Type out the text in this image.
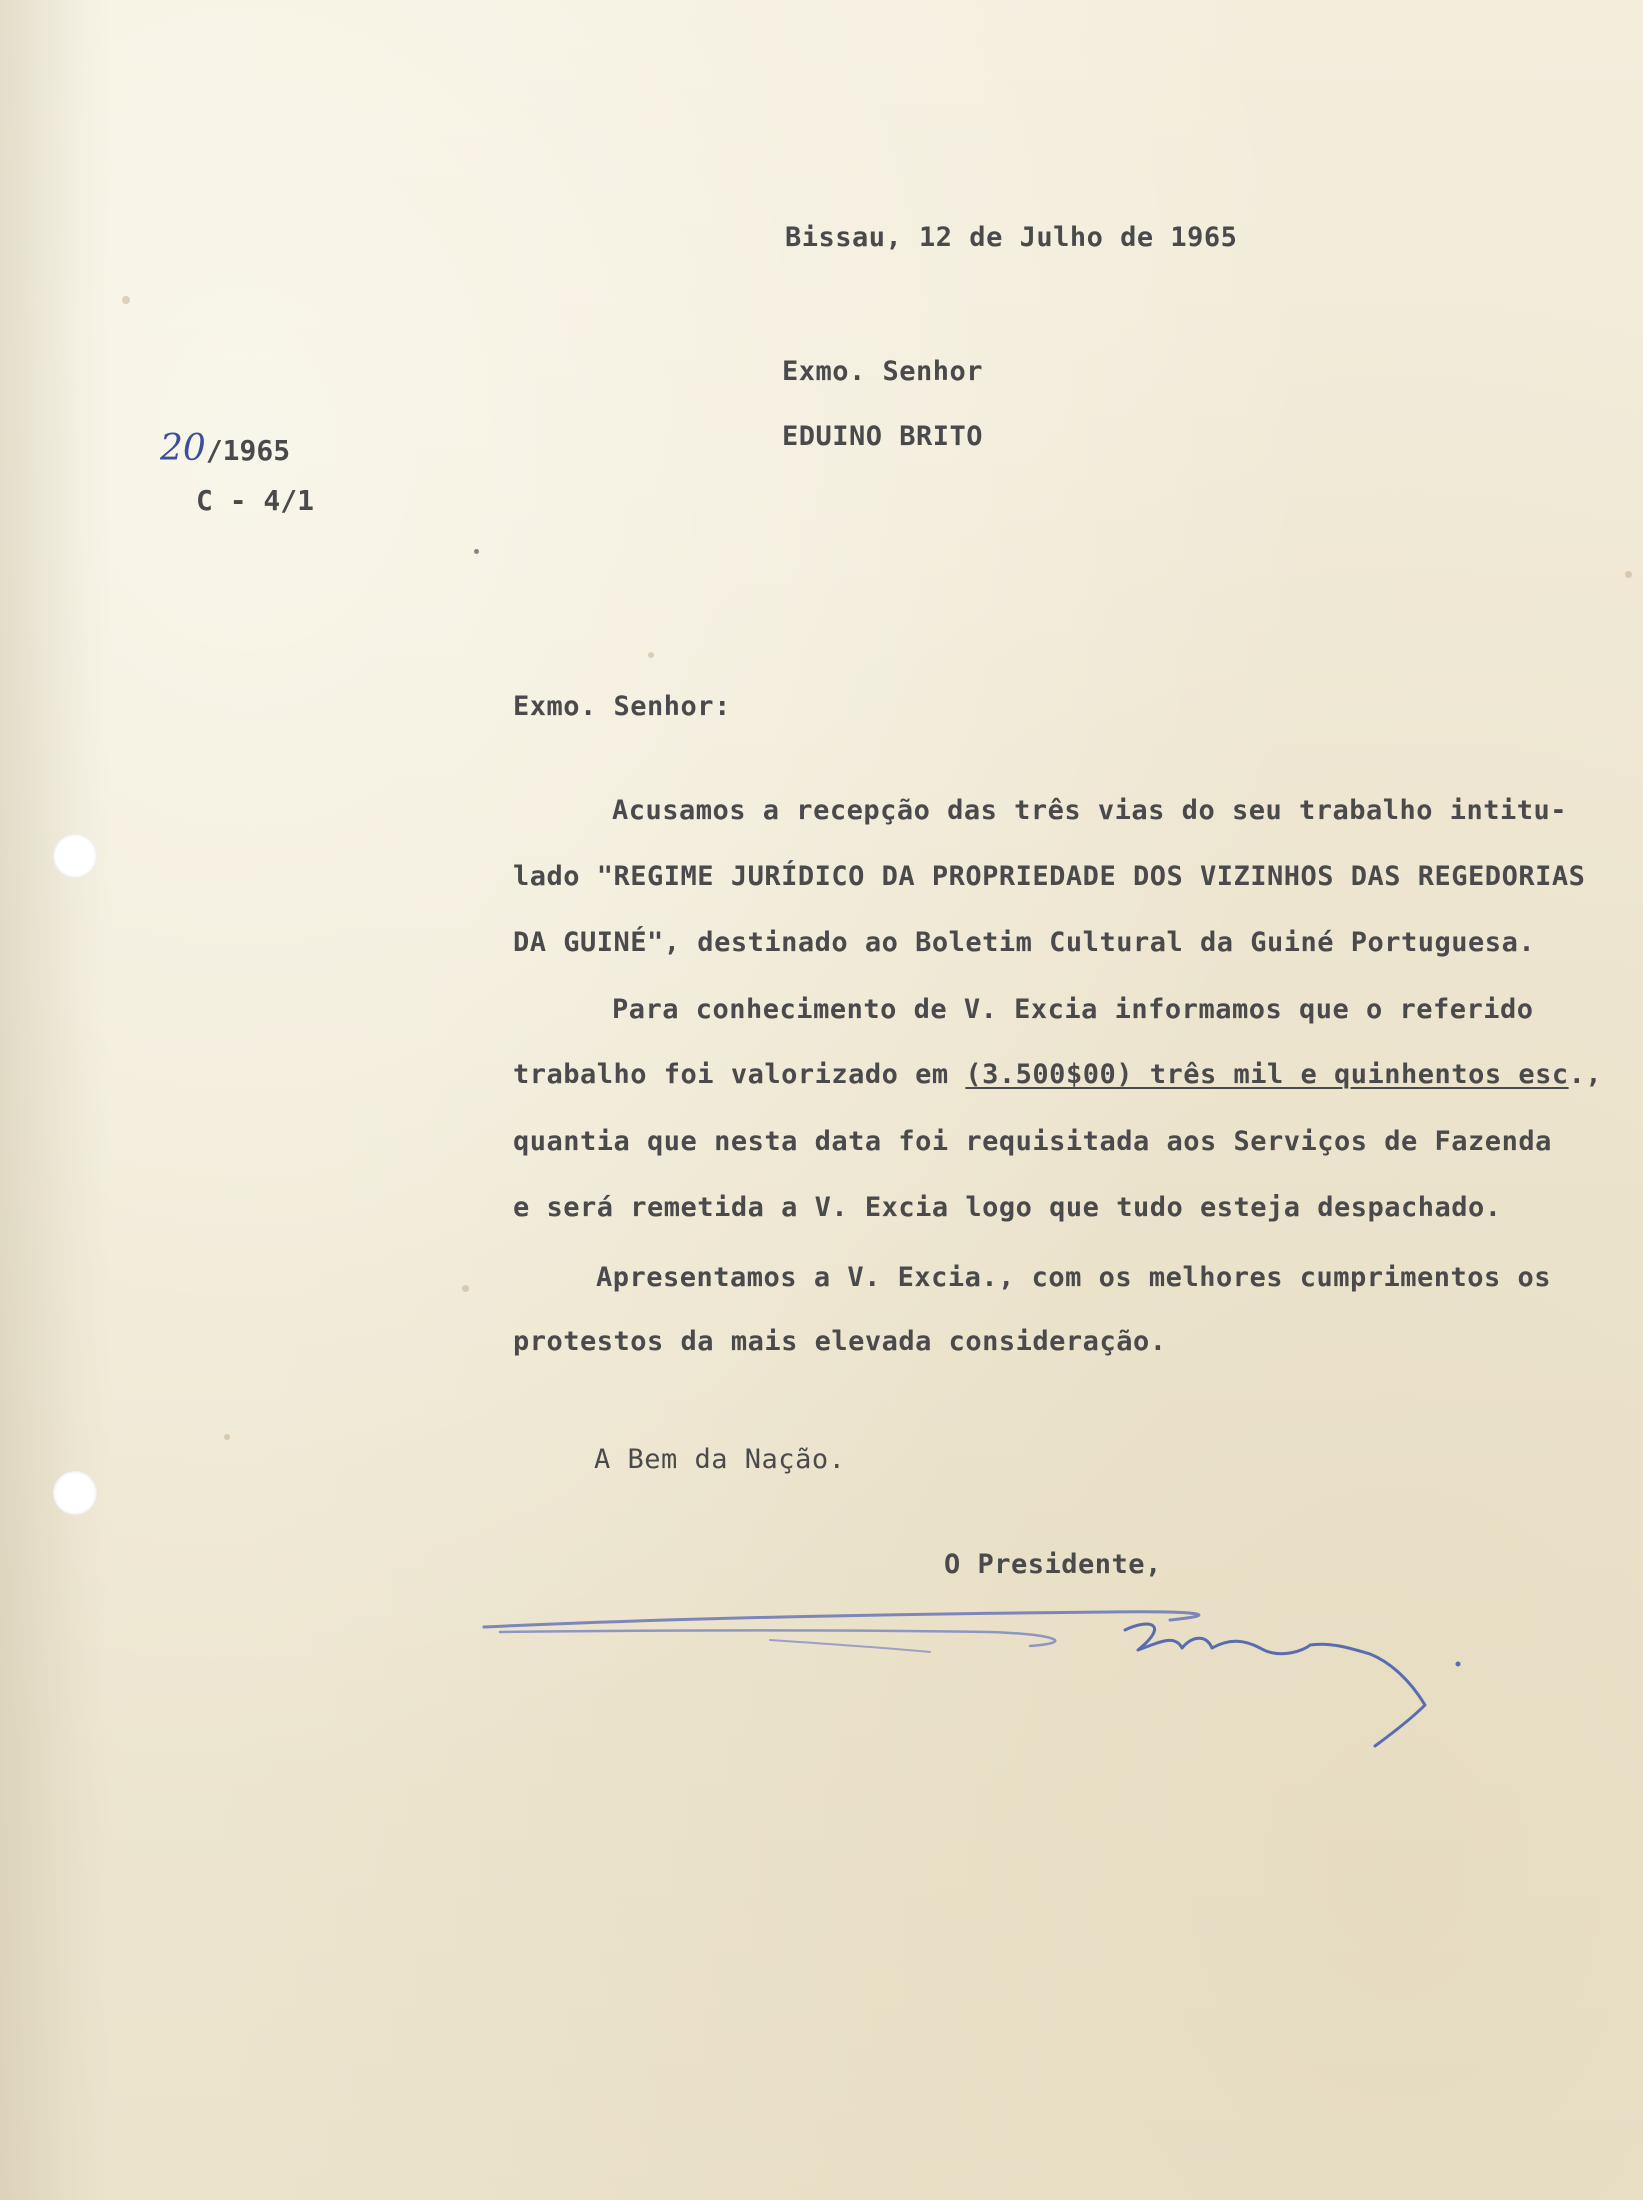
Bissau, 12 de Julho de 1965
Exmo. Senhor
EDUINO BRITO
20/1965
C - 4/1
Exmo. Senhor:
Acusamos a recepção das três vias do seu trabalho intitu-
lado "REGIME JURÍDICO DA PROPRIEDADE DOS VIZINHOS DAS REGEDORIAS
DA GUINÉ", destinado ao Boletim Cultural da Guiné Portuguesa.
Para conhecimento de V. Excia informamos que o referido
trabalho foi valorizado em (3.500$00) três mil e quinhentos esc.,
quantia que nesta data foi requisitada aos Serviços de Fazenda
e será remetida a V. Excia logo que tudo esteja despachado.
Apresentamos a V. Excia., com os melhores cumprimentos os
protestos da mais elevada consideração.
A Bem da Nação.
O Presidente,
